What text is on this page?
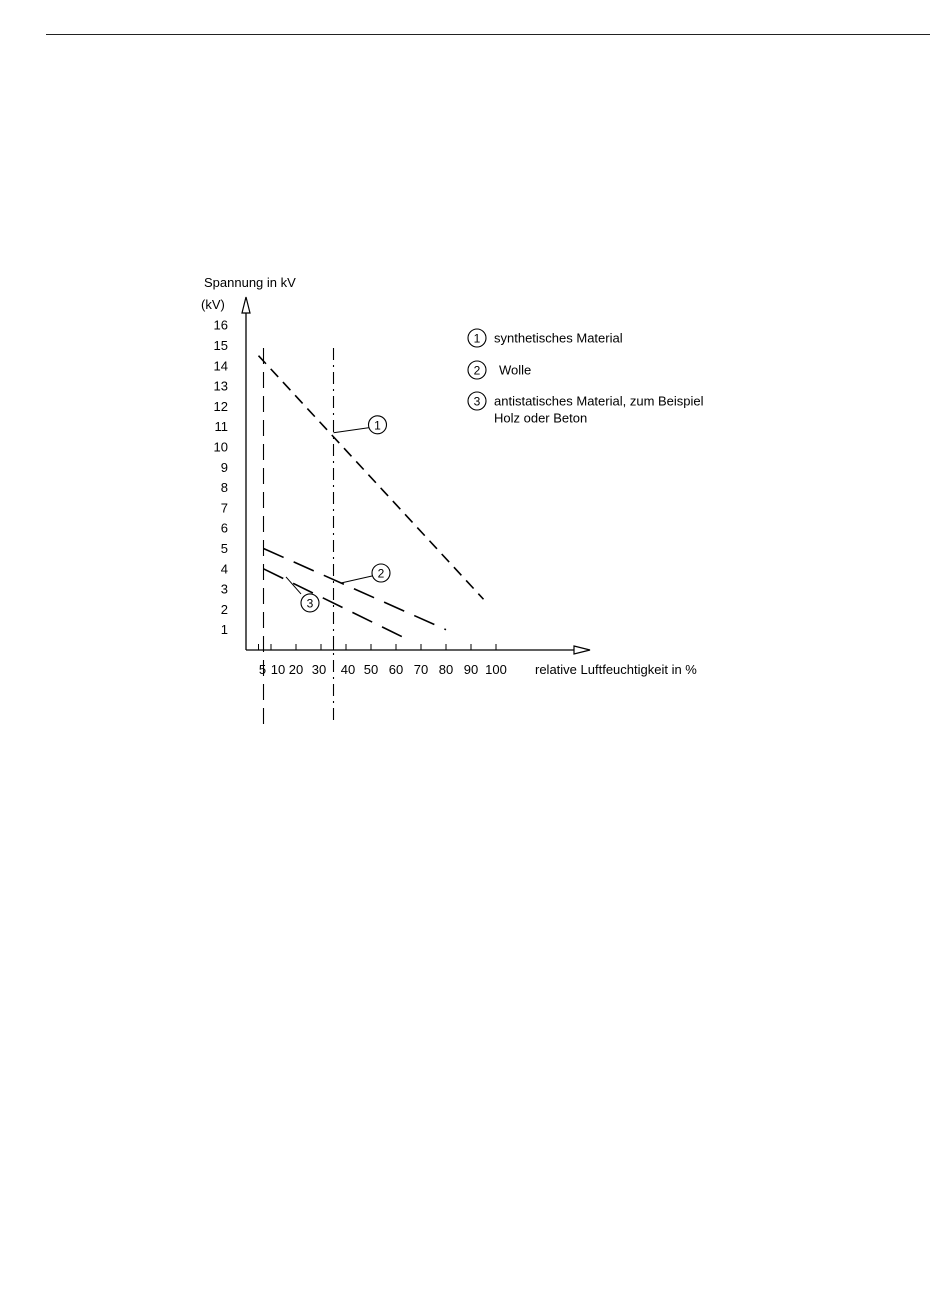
Spannung in kV
(kV)
relative Luftfeuchtigkeit in %
1
2
3
4
5
6
7
8
9
10
11
12
13
14
15
16
5 10 20 30 40 50 60 70 80 90 100
1
2
3
1 synthetisches Material
2 Wolle
3 antistatisches Material, zum Beispiel
Holz oder Beton
